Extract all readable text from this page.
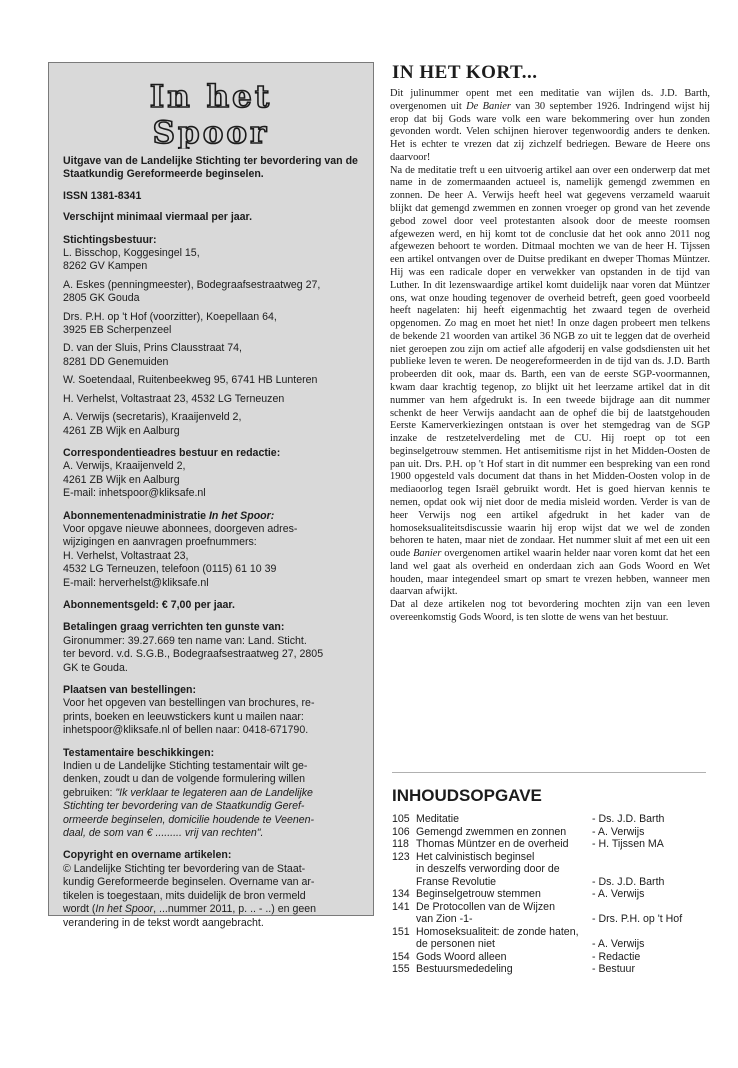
In het
Spoor

Uitgave van de Landelijke Stichting ter bevordering van de Staatkundig Gereformeerde beginselen.

ISSN 1381-8341

Verschijnt minimaal viermaal per jaar.

Stichtingsbestuur:

L. Bisschop, Koggesingel 15,

8262 GV Kampen

A. Eskes (penningmeester), Bodegraafsestraatweg 27,

2805 GK Gouda

Drs. P.H. op 't Hof (voorzitter), Koepellaan 64,

3925 EB Scherpenzeel

D. van der Sluis, Prins Clausstraat 74,

8281 DD Genemuiden

W. Soetendaal, Ruitenbeekweg 95, 6741 HB Lunteren

H. Verhelst, Voltastraat 23, 4532 LG Terneuzen

A. Verwijs (secretaris), Kraaijenveld 2,

4261 ZB Wijk en Aalburg

Correspondentieadres bestuur en redactie:

A. Verwijs, Kraaijenveld 2,

4261 ZB Wijk en Aalburg

E-mail: inhetspoor@kliksafe.nl

Abonnementenadministratie In het Spoor:

Voor opgave nieuwe abonnees, doorgeven adres-

wijzigingen en aanvragen proefnummers:

H. Verhelst, Voltastraat 23,

4532 LG Terneuzen, telefoon (0115) 61 10 39

E-mail: herverhelst@kliksafe.nl

Abonnementsgeld: € 7,00 per jaar.

Betalingen graag verrichten ten gunste van:

Gironummer: 39.27.669 ten name van: Land. Sticht.

ter bevord. v.d. S.G.B., Bodegraafsestraatweg 27, 2805

GK te Gouda.

Plaatsen van bestellingen:

Voor het opgeven van bestellingen van brochures, re-

prints, boeken en leeuwstickers kunt u mailen naar:

inhetspoor@kliksafe.nl of bellen naar: 0418-671790.

Testamentaire beschikkingen:

Indien u de Landelijke Stichting testamentair wilt ge-

denken, zoudt u dan de volgende formulering willen

gebruiken: "Ik verklaar te legateren aan de Landelijke

Stichting ter bevordering van de Staatkundig Geref-

ormeerde beginselen, domicilie houdende te Veenen-

daal, de som van € ......... vrij van rechten".

Copyright en overname artikelen:

© Landelijke Stichting ter bevordering van de Staat-

kundig Gereformeerde beginselen. Overname van ar-

tikelen is toegestaan, mits duidelijk de bron vermeld

wordt (In het Spoor, ...nummer 2011, p. .. - ..) en geen

verandering in de tekst wordt aangebracht.

IN HET KORT...

Dit julinummer opent met een meditatie van wijlen ds. J.D. Barth, overgenomen uit De Banier van 30 september 1926. Indringend wijst hij erop dat bij Gods ware volk een ware bekommering over hun zonden gevonden wordt. Velen schijnen hierover tegenwoordig anders te denken. Het is echter te vrezen dat zij zichzelf bedriegen. Beware de Heere ons daarvoor!

Na de meditatie treft u een uitvoerig artikel aan over een onderwerp dat met name in de zomermaanden actueel is, namelijk gemengd zwemmen en zonnen. De heer A. Verwijs heeft heel wat gegevens verzameld waaruit blijkt dat gemengd zwemmen en zonnen vroeger op grond van het zevende gebod zowel door veel protestanten alsook door de meeste roomsen afgewezen werd, en hij komt tot de conclusie dat het ook anno 2011 nog afgewezen behoort te worden. Ditmaal mochten we van de heer H. Tijssen een artikel ontvangen over de Duitse predikant en dweper Thomas Müntzer. Hij was een radicale doper en verwekker van opstanden in de tijd van Luther. In dit lezenswaardige artikel komt duidelijk naar voren dat Müntzer ons, wat onze houding tegenover de overheid betreft, geen goed voorbeeld heeft nagelaten: hij heeft eigenmachtig het zwaard tegen de overheid opgenomen. Zo mag en moet het niet! In onze dagen probeert men telkens de bekende 21 woorden van artikel 36 NGB zo uit te leggen dat de overheid niet geroepen zou zijn om actief alle afgoderij en valse godsdiensten uit het publieke leven te weren. De neogereformeerden in de tijd van ds. J.D. Barth probeerden dit ook, maar ds. Barth, een van de eerste SGP-voormannen, kwam daar krachtig tegenop, zo blijkt uit het leerzame artikel dat in dit nummer van hem afgedrukt is. In een tweede bijdrage aan dit nummer schenkt de heer Verwijs aandacht aan de ophef die bij de laatstgehouden Eerste Kamerverkiezingen ontstaan is over het stemgedrag van de SGP inzake de restzetelverdeling met de CU. Hij roept op tot een beginselgetrouw stemmen. Het antisemitisme rijst in het Midden-Oosten de pan uit. Drs. P.H. op 't Hof start in dit nummer een bespreking van een rond 1900 opgesteld vals document dat thans in het Midden-Oosten volop in de mediaoorlog tegen Israël gebruikt wordt. Het is goed hiervan kennis te nemen, opdat ook wij niet door de media misleid worden. Verder is van de heer Verwijs nog een artikel afgedrukt in het kader van de homoseksualiteitsdiscussie waarin hij erop wijst dat we wel de zonden behoren te haten, maar niet de zondaar. Het nummer sluit af met een uit een oude Banier overgenomen artikel waarin helder naar voren komt dat het een land wel gaat als overheid en onderdaan zich aan Gods Woord en Wet houden, maar integendeel smart op smart te vrezen hebben, wanneer men daarvan afwijkt.

Dat al deze artikelen nog tot bevordering mochten zijn van een leven overeenkomstig Gods Woord, is ten slotte de wens van het bestuur.

INHOUDSOPGAVE
105 Meditatie	- Ds. J.D. Barth
106 Gemengd zwemmen en zonnen	- A. Verwijs
118 Thomas Müntzer en de overheid	- H. Tijssen MA
123 Het calvinistisch beginsel
in deszelfs verwording door de
Franse Revolutie	- Ds. J.D. Barth
134 Beginselgetrouw stemmen	- A. Verwijs
141 De Protocollen van de Wijzen
van Zion -1-	- Drs. P.H. op 't Hof
151 Homoseksualiteit: de zonde haten,
de personen niet	- A. Verwijs
154 Gods Woord alleen	- Redactie
155 Bestuursmededeling	- Bestuur
